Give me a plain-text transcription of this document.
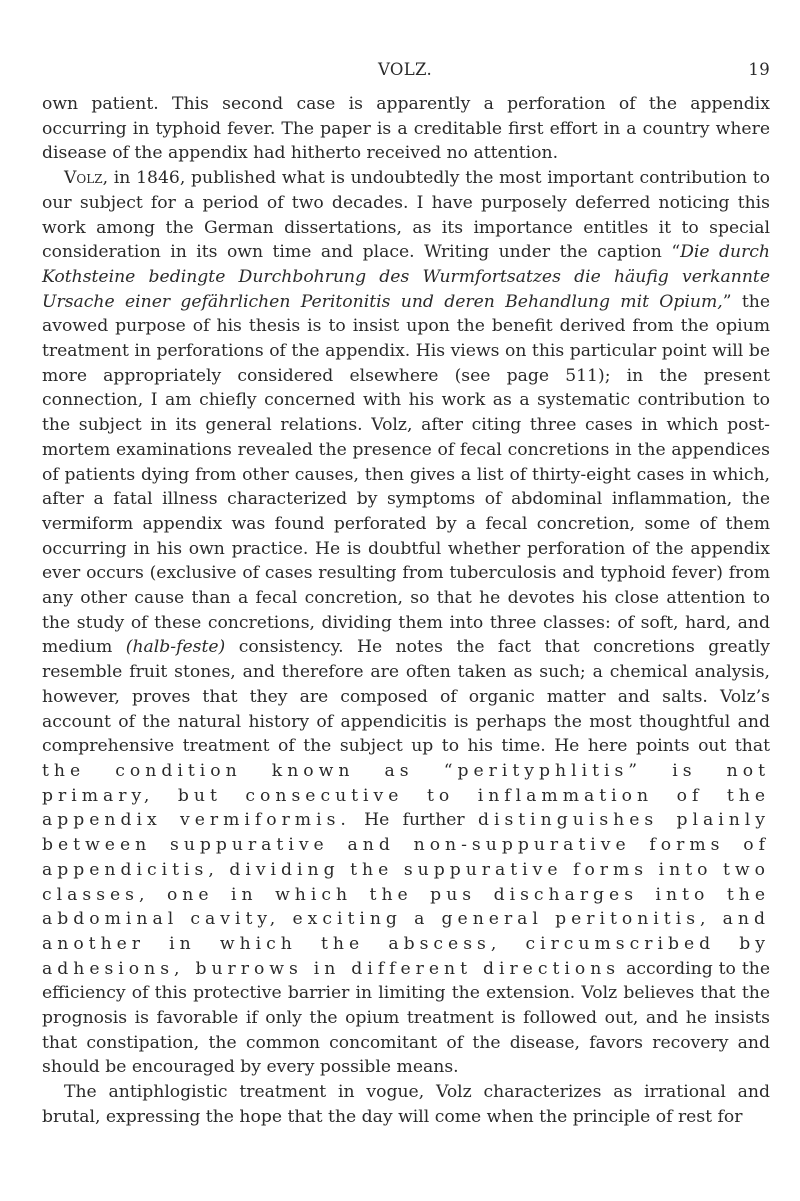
VOLZ.	19

own patient. This second case is apparently a perforation of the appendix occurring in typhoid fever. The paper is a creditable first effort in a country where disease of the appendix had hitherto received no attention.

Volz, in 1846, published what is undoubtedly the most important contribution to our subject for a period of two decades. I have purposely deferred noticing this work among the German dissertations, as its importance entitles it to special consideration in its own time and place. Writing under the caption “Die durch Kothsteine bedingte Durchbohrung des Wurmfortsatzes die häufig verkannte Ursache einer gefährlichen Peritonitis und deren Behandlung mit Opium,” the avowed purpose of his thesis is to insist upon the benefit derived from the opium treatment in perforations of the appendix. His views on this particular point will be more appropriately considered elsewhere (see page 511); in the present connection, I am chiefly concerned with his work as a systematic contribution to the subject in its general relations. Volz, after citing three cases in which post-mortem examinations revealed the presence of fecal concretions in the appendices of patients dying from other causes, then gives a list of thirty-eight cases in which, after a fatal illness characterized by symptoms of abdominal inflammation, the vermiform appendix was found perforated by a fecal concretion, some of them occurring in his own practice. He is doubtful whether perforation of the appendix ever occurs (exclusive of cases resulting from tuberculosis and typhoid fever) from any other cause than a fecal concretion, so that he devotes his close attention to the study of these concretions, dividing them into three classes: of soft, hard, and medium (halb-feste) consistency. He notes the fact that concretions greatly resemble fruit stones, and therefore are often taken as such; a chemical analysis, however, proves that they are composed of organic matter and salts. Volz’s account of the natural history of appendicitis is perhaps the most thoughtful and comprehensive treatment of the subject up to his time. He here points out that the condition known as “perityphlitis” is not primary, but consecutive to inflammation of the appendix vermiformis. He further distinguishes plainly between suppurative and non-suppurative forms of appendicitis, dividing the suppurative forms into two classes, one in which the pus discharges into the abdominal cavity, exciting a general peritonitis, and another in which the abscess, circumscribed by adhesions, burrows in different directions according to the efficiency of this protective barrier in limiting the extension. Volz believes that the prognosis is favorable if only the opium treatment is followed out, and he insists that constipation, the common concomitant of the disease, favors recovery and should be encouraged by every possible means.

The antiphlogistic treatment in vogue, Volz characterizes as irrational and brutal, expressing the hope that the day will come when the principle of rest for
